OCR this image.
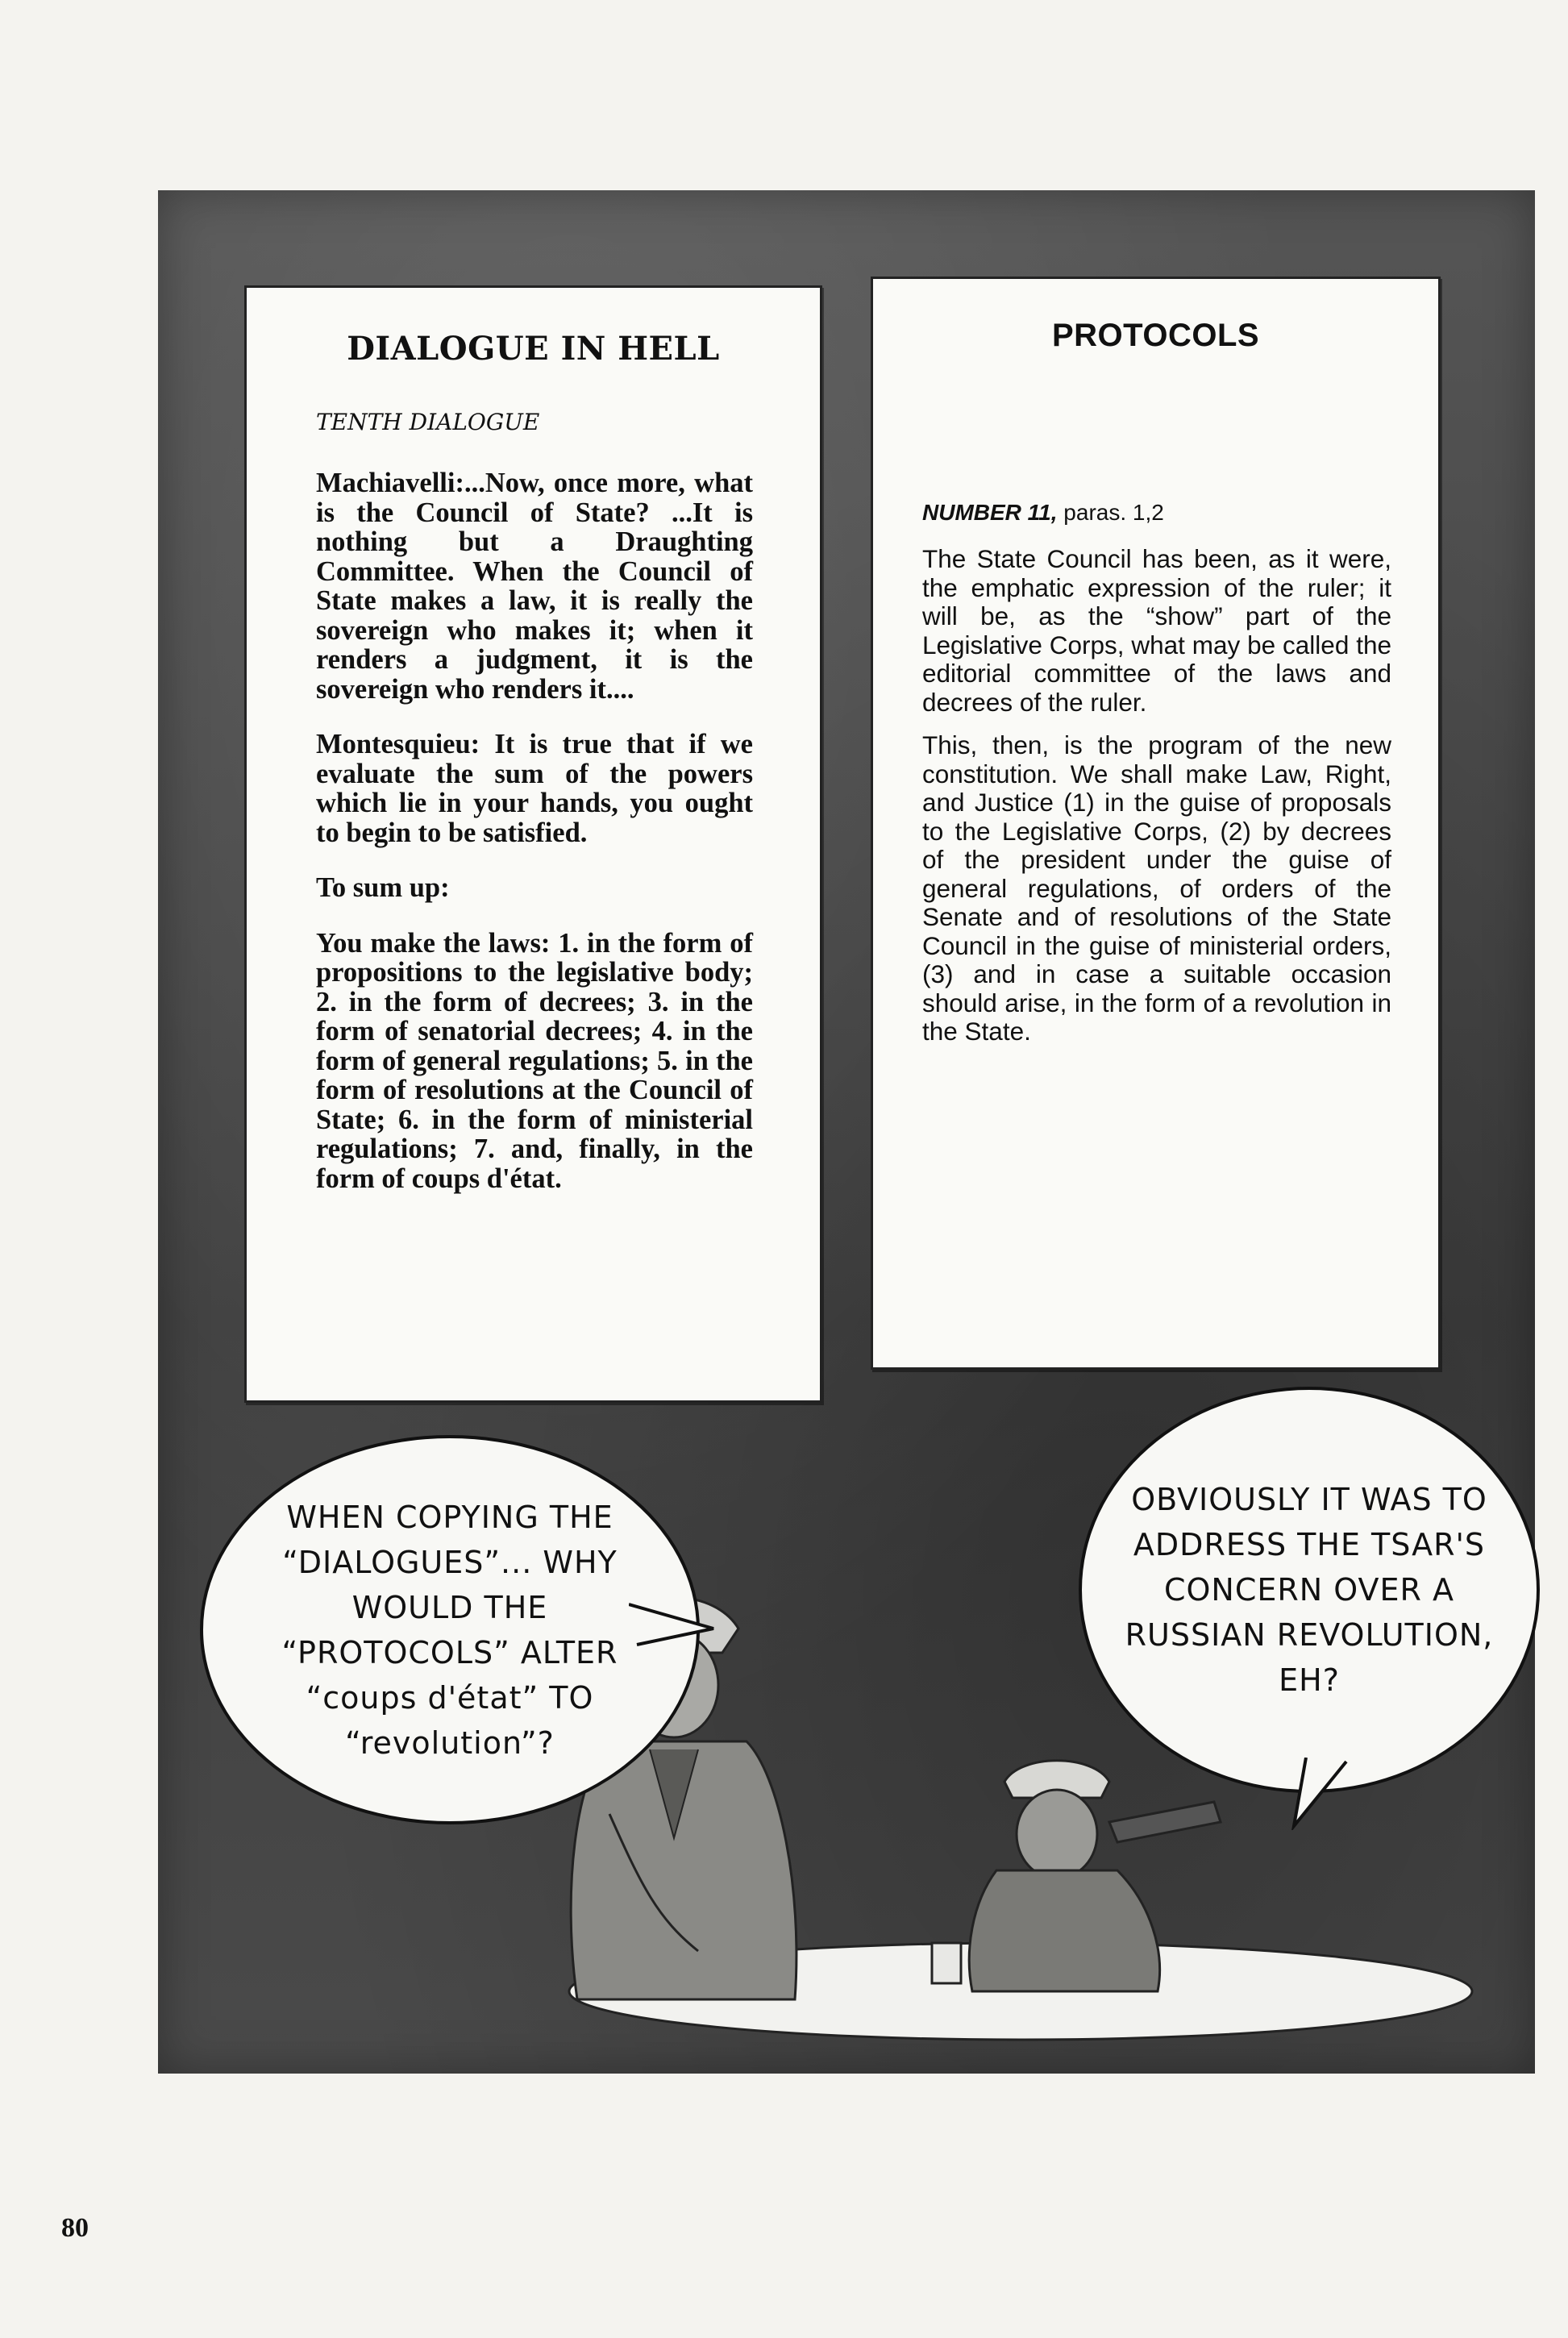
DIALOGUE IN HELL
TENTH DIALOGUE

Machiavelli:...Now, once more, what is the Council of State? ...It is nothing but a Draughting Committee. When the Council of State makes a law, it is really the sovereign who makes it; when it renders a judgment, it is the sovereign who renders it....

Montesquieu: It is true that if we evaluate the sum of the powers which lie in your hands, you ought to begin to be satisfied.

To sum up:

You make the laws: 1. in the form of propositions to the legislative body; 2. in the form of decrees; 3. in the form of senatorial decrees; 4. in the form of general regulations; 5. in the form of resolutions at the Council of State; 6. in the form of ministerial regulations; 7. and, finally, in the form of coups d'état.

PROTOCOLS
NUMBER 11, paras. 1,2

The State Council has been, as it were, the emphatic expression of the ruler; it will be, as the “show” part of the Legislative Corps, what may be called the editorial committee of the laws and decrees of the ruler.

This, then, is the program of the new constitution. We shall make Law, Right, and Justice (1) in the guise of proposals to the Legislative Corps, (2) by decrees of the president under the guise of general regulations, of orders of the Senate and of resolutions of the State Council in the guise of ministerial orders, (3) and in case a suitable occasion should arise, in the form of a revolution in the State.

WHEN COPYING THE “DIALOGUES”... WHY WOULD THE “PROTOCOLS” ALTER “coups d'état” TO “revolution”?
OBVIOUSLY IT WAS TO ADDRESS THE TSAR'S CONCERN OVER A RUSSIAN REVOLUTION, EH?
80
